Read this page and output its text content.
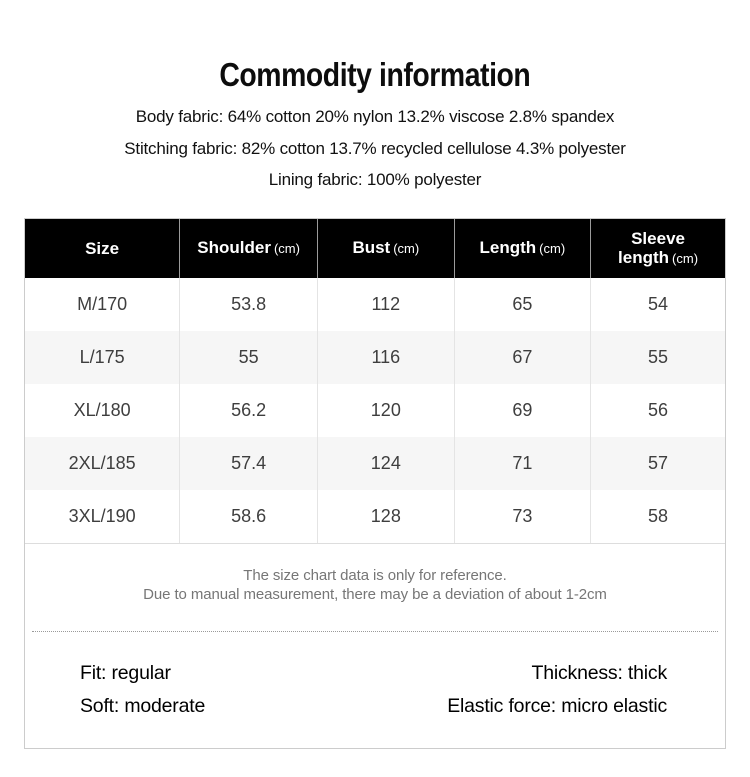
Commodity information
Body fabric: 64% cotton 20% nylon 13.2% viscose 2.8% spandex
Stitching fabric: 82% cotton 13.7% recycled cellulose 4.3% polyester
Lining fabric: 100% polyester
Size	Shoulder (cm)	Bust (cm)	Length (cm)	Sleeve length (cm)
M/170	53.8	112	65	54
L/175	55	116	67	55
XL/180	56.2	120	69	56
2XL/185	57.4	124	71	57
3XL/190	58.6	128	73	58
The size chart data is only for reference.
Due to manual measurement, there may be a deviation of about 1-2cm
Fit: regular
Soft: moderate
Thickness: thick
Elastic force: micro elastic
